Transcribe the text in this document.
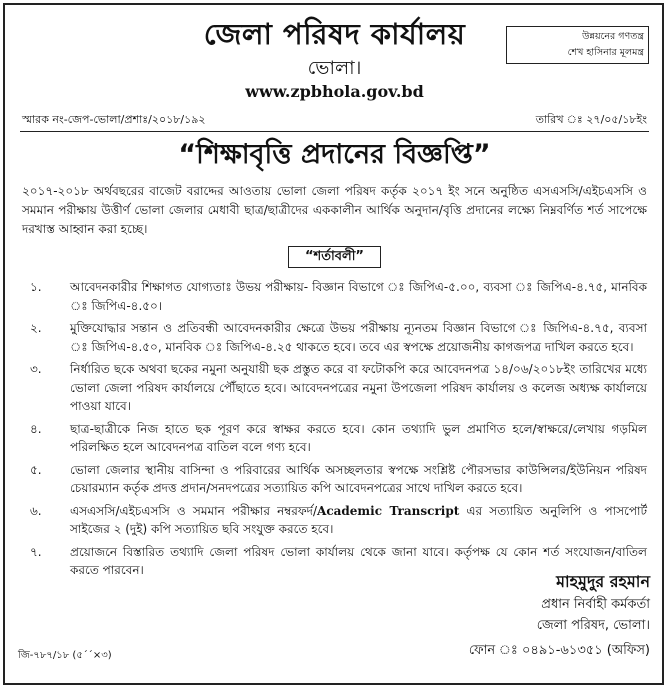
জেলা পরিষদ কার্যালয়
ভোলা।
www.zpbhola.gov.bd
উন্নয়নের গণতন্ত্র
শেখ হাসিনার মূলমন্ত্র
স্মারক নং-জেপ-ভোলা/প্রশাঃ/২০১৮/১৯২	তারিখ ঃ ২৭/০৫/১৮ইং
“শিক্ষাবৃত্তি প্রদানের বিজ্ঞপ্তি”
২০১৭-২০১৮ অর্থবছরের বাজেট বরাদ্দের আওতায় ভোলা জেলা পরিষদ কর্তৃক ২০১৭ ইং সনে অনুষ্ঠিত এসএসসি/এইচএসসি ও সমমান পরীক্ষায় উত্তীর্ণ ভোলা জেলার মেধাবী ছাত্র/ছাত্রীদের এককালীন আর্থিক অনুদান/বৃত্তি প্রদানের লক্ষ্যে নিম্নবর্ণিত শর্ত সাপেক্ষে দরখাস্ত আহ্বান করা হচ্ছে।
“শর্তাবলী”
১. আবেদনকারীর শিক্ষাগত যোগ্যতাঃ উভয় পরীক্ষায়- বিজ্ঞান বিভাগে ঃ জিপিএ-৫.০০, ব্যবসা ঃ জিপিএ-৪.৭৫, মানবিক ঃ জিপিএ-৪.৫০।
২. মুক্তিযোদ্ধার সন্তান ও প্রতিবন্ধী আবেদনকারীর ক্ষেত্রে উভয় পরীক্ষায় ন্যূনতম বিজ্ঞান বিভাগে ঃ জিপিএ-৪.৭৫, ব্যবসা ঃ জিপিএ-৪.৫০, মানবিক ঃ জিপিএ-৪.২৫ থাকতে হবে। তবে এর স্বপক্ষে প্রয়োজনীয় কাগজপত্র দাখিল করতে হবে।
৩. নির্ধারিত ছকে অথবা ছকের নমুনা অনুযায়ী ছক প্রস্তুত করে বা ফটোকপি করে আবেদনপত্র ১৪/০৬/২০১৮ইং তারিখের মধ্যে ভোলা জেলা পরিষদ কার্যালয়ে পৌঁছাতে হবে। আবেদনপত্রের নমুনা উপজেলা পরিষদ কার্যালয় ও কলেজ অধ্যক্ষ কার্যালয়ে পাওয়া যাবে।
৪. ছাত্র-ছাত্রীকে নিজ হাতে ছক পূরণ করে স্বাক্ষর করতে হবে। কোন তথ্যাদি ভুল প্রমাণিত হলে/স্বাক্ষরে/লেখায় গড়মিল পরিলক্ষিত হলে আবেদনপত্র বাতিল বলে গণ্য হবে।
৫. ভোলা জেলার স্থানীয় বাসিন্দা ও পরিবারের আর্থিক অসচ্ছলতার স্বপক্ষে সংশ্লিষ্ট পৌরসভার কাউন্সিলর/ইউনিয়ন পরিষদ চেয়ারম্যান কর্তৃক প্রদত্ত প্রদান/সনদপত্রের সত্যায়িত কপি আবেদনপত্রের সাথে দাখিল করতে হবে।
৬. এসএসসি/এইচএসসি ও সমমান পরীক্ষার নম্বরফর্দ/Academic Transcript এর সত্যায়িত অনুলিপি ও পাসপোর্ট সাইজের ২ (দুই) কপি সত্যায়িত ছবি সংযুক্ত করতে হবে।
৭. প্রয়োজনে বিস্তারিত তথ্যাদি জেলা পরিষদ ভোলা কার্যালয় থেকে জানা যাবে। কর্তৃপক্ষ যে কোন শর্ত সংযোজন/বাতিল করতে পারবেন।
মাহমুদুর রহমান
প্রধান নির্বাহী কর্মকর্তা
জেলা পরিষদ, ভোলা।
ফোন ঃ ০৪৯১-৬১৩৫১ (অফিস)
জি-৭৮৭/১৮ (৫´´×৩)
